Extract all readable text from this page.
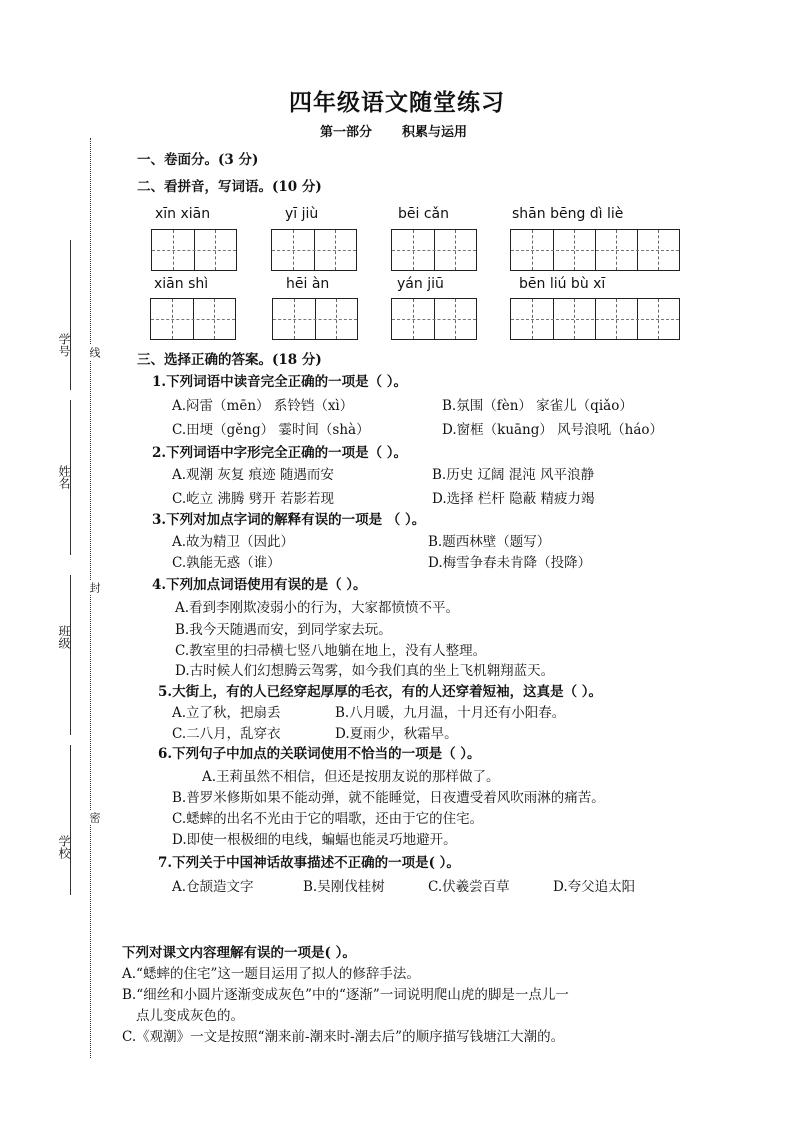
学号
姓名
班级
学校
线
封
密
四年级语文随堂练习
第一部分 积累与运用
一、卷面分。(3 分)
二、看拼音，写词语。(10 分)
xīn xiān	yī jiù	bēi cǎn	shān bēng dì liè
xiān shì	hēi àn	yán jiū	bēn liú bù xī
三、选择正确的答案。(18 分)
1.下列词语中读音完全正确的一项是（ ）。
A.闷雷（mēn） 系铃铛（xì）	B.氛围（fèn） 家雀儿（qiǎo）
C.田埂（gěng） 霎时间（shà）	D.窗框（kuāng） 风号浪吼（háo）
2.下列词语中字形完全正确的一项是（ ）。
A.观潮 灰复 痕迹 随遇而安	B.历史 辽阔 混沌 风平浪静
C.屹立 沸腾 劈开 若影若现	D.选择 栏杆 隐蔽 精疲力竭
3.下列对加点字词的解释有误的一项是 （ ）。
A.故为精卫（因此）	B.题西林壁（题写）
C.孰能无惑（谁）	D.梅雪争春未肯降（投降）
4.下列加点词语使用有误的是（ ）。
A.看到李刚欺凌弱小的行为，大家都愤愤不平。
B.我今天随遇而安，到同学家去玩。
C.教室里的扫帚横七竖八地躺在地上，没有人整理。
D.古时候人们幻想腾云驾雾，如今我们真的坐上飞机翱翔蓝天。
5.大街上，有的人已经穿起厚厚的毛衣，有的人还穿着短袖，这真是（ ）。
A.立了秋，把扇丢	B.八月暖，九月温，十月还有小阳春。
C.二八月，乱穿衣	D.夏雨少，秋霜早。
6.下列句子中加点的关联词使用不恰当的一项是（ ）。
A.王莉虽然不相信，但还是按朋友说的那样做了。
B.普罗米修斯如果不能动弹，就不能睡觉，日夜遭受着风吹雨淋的痛苦。
C.蟋蟀的出名不光由于它的唱歌，还由于它的住宅。
D.即使一根极细的电线，蝙蝠也能灵巧地避开。
7.下列关于中国神话故事描述不正确的一项是( ）。
A.仓颉造文字	B.吴刚伐桂树	C.伏羲尝百草	D.夸父追太阳
下列对课文内容理解有误的一项是( ）。
A.“蟋蟀的住宅”这一题目运用了拟人的修辞手法。
B.“细丝和小圆片逐渐变成灰色”中的“逐渐”一词说明爬山虎的脚是一点儿一
点儿变成灰色的。
C.《观潮》一文是按照“潮来前-潮来时-潮去后”的顺序描写钱塘江大潮的。
